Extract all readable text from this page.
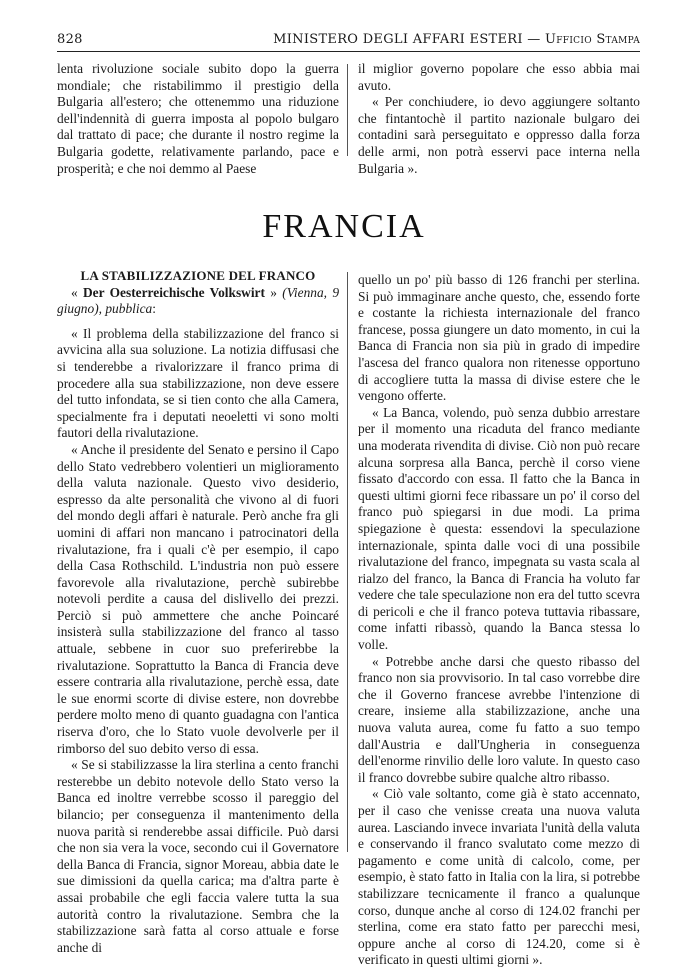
828	MINISTERO DEGLI AFFARI ESTERI — Ufficio Stampa

lenta rivoluzione sociale subito dopo la guerra mondiale; che ristabilimmo il prestigio della Bulgaria all'estero; che ottenemmo una riduzione dell'indennità di guerra imposta al popolo bulgaro dal trattato di pace; che durante il nostro regime la Bulgaria godette, relativamente parlando, pace e prosperità; e che noi demmo al Paese

il miglior governo popolare che esso abbia mai avuto.

« Per conchiudere, io devo aggiungere soltanto che fintantochè il partito nazionale bulgaro dei contadini sarà perseguitato e oppresso dalla forza delle armi, non potrà esservi pace interna nella Bulgaria ».

FRANCIA

LA STABILIZZAZIONE DEL FRANCO

« Der Oesterreichische Volkswirt » (Vienna, 9 giugno), pubblica:

« Il problema della stabilizzazione del franco si avvicina alla sua soluzione. La notizia diffusasi che si tenderebbe a rivalorizzare il franco prima di procedere alla sua stabilizzazione, non deve essere del tutto infondata, se si tien conto che alla Camera, specialmente fra i deputati neoeletti vi sono molti fautori della rivalutazione.

« Anche il presidente del Senato e persino il Capo dello Stato vedrebbero volentieri un miglioramento della valuta nazionale. Questo vivo desiderio, espresso da alte personalità che vivono al di fuori del mondo degli affari è naturale. Però anche fra gli uomini di affari non mancano i patrocinatori della rivalutazione, fra i quali c'è per esempio, il capo della Casa Rothschild. L'industria non può essere favorevole alla rivalutazione, perchè subirebbe notevoli perdite a causa del dislivello dei prezzi. Perciò si può ammettere che anche Poincaré insisterà sulla stabilizzazione del franco al tasso attuale, sebbene in cuor suo preferirebbe la rivalutazione. Soprattutto la Banca di Francia deve essere contraria alla rivalutazione, perchè essa, date le sue enormi scorte di divise estere, non dovrebbe perdere molto meno di quanto guadagna con l'antica riserva d'oro, che lo Stato vuole devolverle per il rimborso del suo debito verso di essa.

« Se si stabilizzasse la lira sterlina a cento franchi resterebbe un debito notevole dello Stato verso la Banca ed inoltre verrebbe scosso il pareggio del bilancio; per conseguenza il mantenimento della nuova parità si renderebbe assai difficile. Può darsi che non sia vera la voce, secondo cui il Governatore della Banca di Francia, signor Moreau, abbia date le sue dimissioni da quella carica; ma d'altra parte è assai probabile che egli faccia valere tutta la sua autorità contro la rivalutazione. Sembra che la stabilizzazione sarà fatta al corso attuale e forse anche di

quello un po' più basso di 126 franchi per sterlina. Si può immaginare anche questo, che, essendo forte e costante la richiesta internazionale del franco francese, possa giungere un dato momento, in cui la Banca di Francia non sia più in grado di impedire l'ascesa del franco qualora non ritenesse opportuno di accogliere tutta la massa di divise estere che le vengono offerte.

« La Banca, volendo, può senza dubbio arrestare per il momento una ricaduta del franco mediante una moderata rivendita di divise. Ciò non può recare alcuna sorpresa alla Banca, perchè il corso viene fissato d'accordo con essa. Il fatto che la Banca in questi ultimi giorni fece ribassare un po' il corso del franco può spiegarsi in due modi. La prima spiegazione è questa: essendovi la speculazione internazionale, spinta dalle voci di una possibile rivalutazione del franco, impegnata su vasta scala al rialzo del franco, la Banca di Francia ha voluto far vedere che tale speculazione non era del tutto scevra di pericoli e che il franco poteva tuttavia ribassare, come infatti ribassò, quando la Banca stessa lo volle.

« Potrebbe anche darsi che questo ribasso del franco non sia provvisorio. In tal caso vorrebbe dire che il Governo francese avrebbe l'intenzione di creare, insieme alla stabilizzazione, anche una nuova valuta aurea, come fu fatto a suo tempo dall'Austria e dall'Ungheria in conseguenza dell'enorme rinvilio delle loro valute. In questo caso il franco dovrebbe subire qualche altro ribasso.

« Ciò vale soltanto, come già è stato accennato, per il caso che venisse creata una nuova valuta aurea. Lasciando invece invariata l'unità della valuta e conservando il franco svalutato come mezzo di pagamento e come unità di calcolo, come, per esempio, è stato fatto in Italia con la lira, si potrebbe stabilizzare tecnicamente il franco a qualunque corso, dunque anche al corso di 124.02 franchi per sterlina, come era stato fatto per parecchi mesi, oppure anche al corso di 124.20, come si è verificato in questi ultimi giorni ».
